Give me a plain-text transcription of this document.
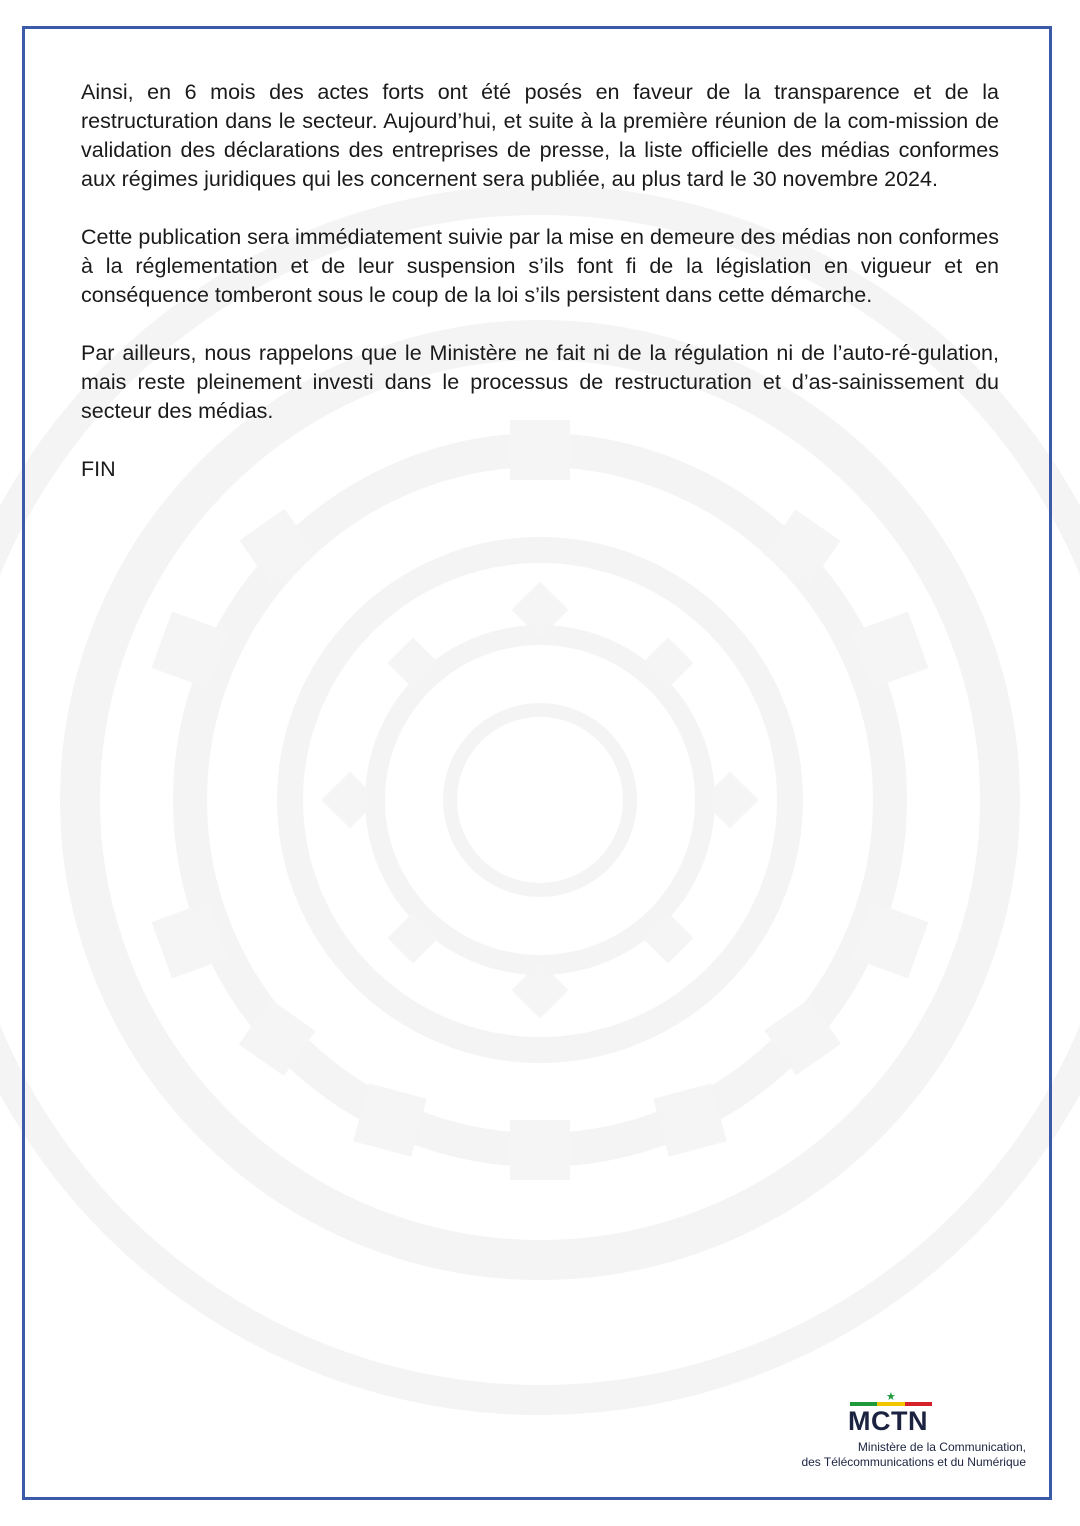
Ainsi, en 6 mois des actes forts ont été posés en faveur de la transparence et de la restructuration dans le secteur. Aujourd’hui, et suite à la première réunion de la com-mission de validation des déclarations des entreprises de presse, la liste officielle des médias conformes aux régimes juridiques qui les concernent sera publiée, au plus tard le 30 novembre 2024.

Cette publication sera immédiatement suivie par la mise en demeure des médias non conformes à la réglementation et de leur suspension s’ils font fi de la législation en vigueur et en conséquence tomberont sous le coup de la loi s’ils persistent dans cette démarche.

Par ailleurs, nous rappelons que le Ministère ne fait ni de la régulation ni de l’auto-ré-gulation, mais reste pleinement investi dans le processus de restructuration et d’as-sainissement du secteur des médias.

FIN

★
MCTN
Ministère de la Communication,
des Télécommunications et du Numérique
